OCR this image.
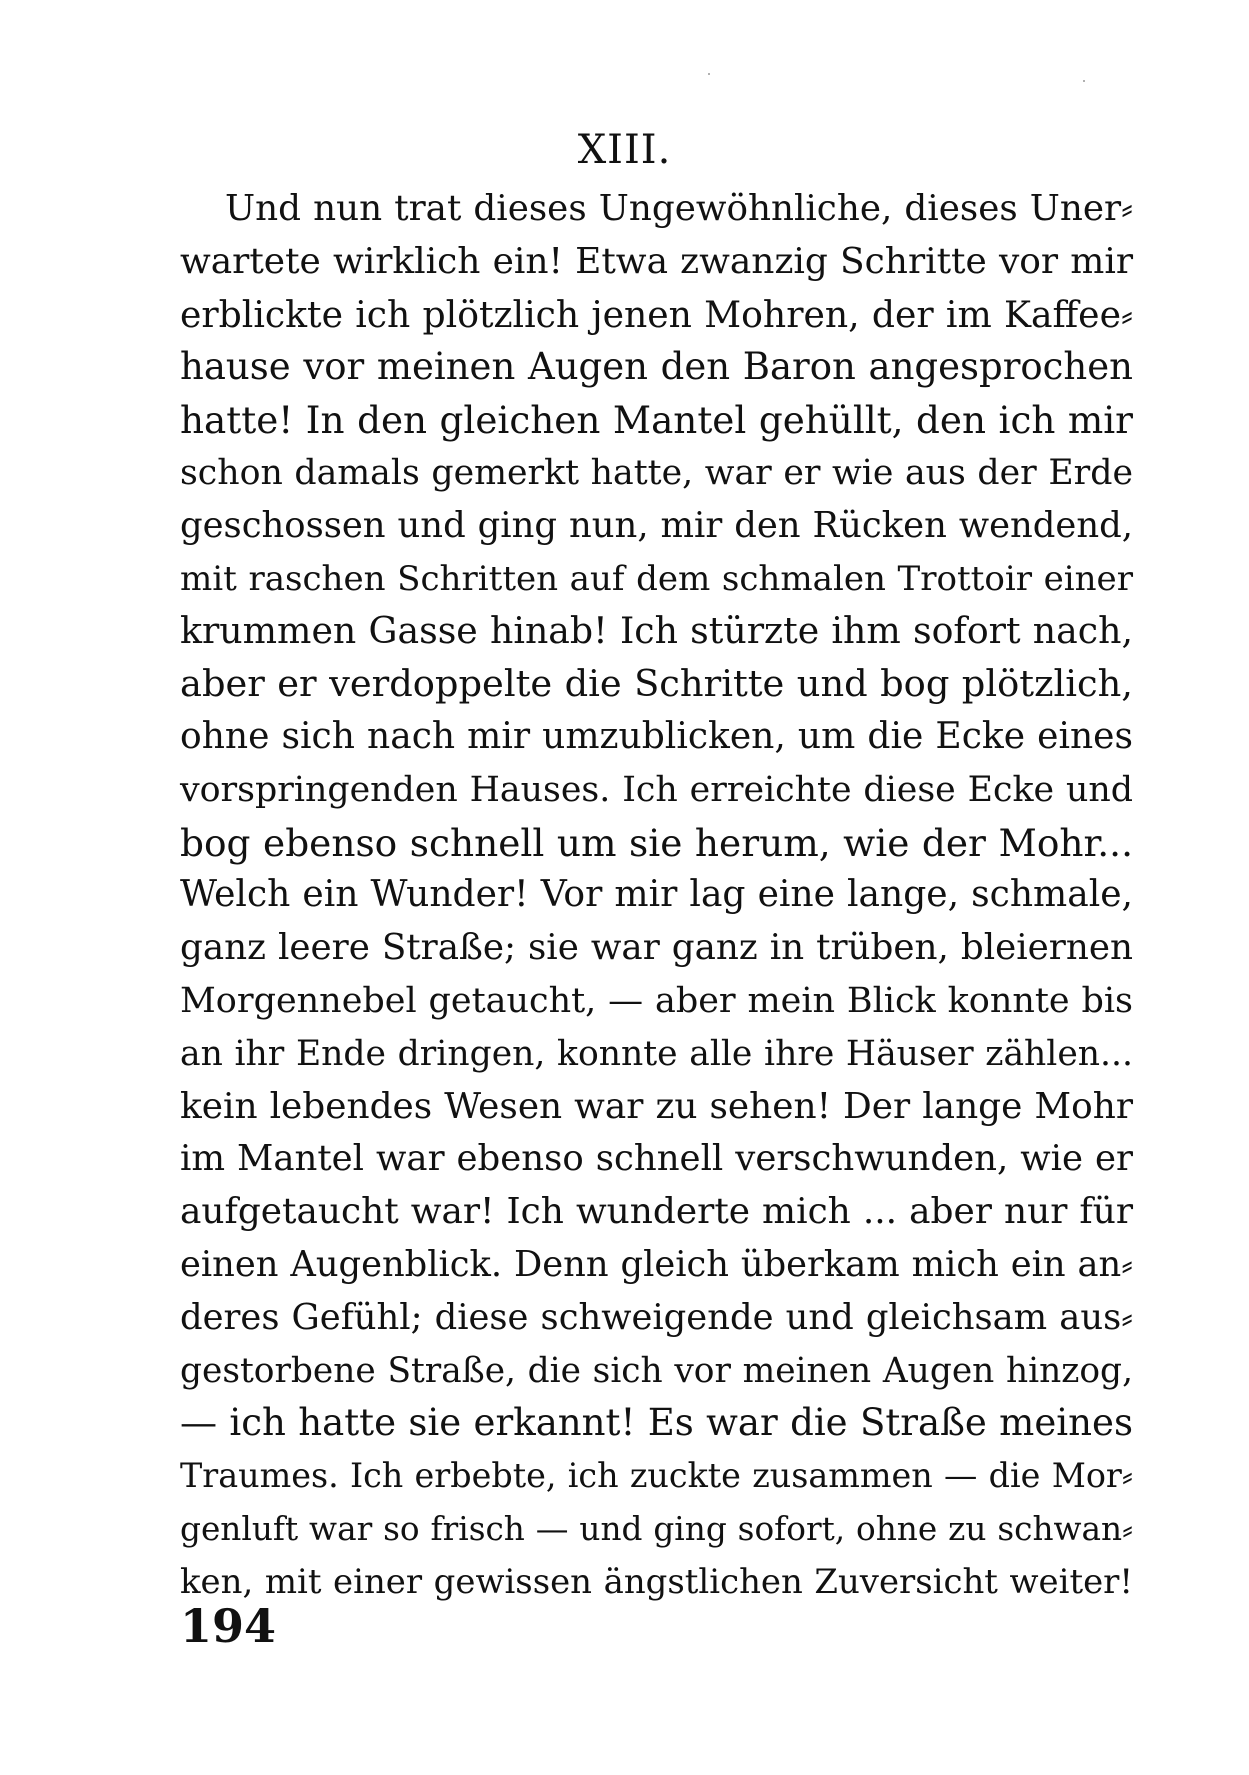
XIII.
Und nun trat dieses Ungewöhnliche, dieses Uner⸗
wartete wirklich ein! Etwa zwanzig Schritte vor mir
erblickte ich plötzlich jenen Mohren, der im Kaffee⸗
hause vor meinen Augen den Baron angesprochen
hatte! In den gleichen Mantel gehüllt, den ich mir
schon damals gemerkt hatte, war er wie aus der Erde
geschossen und ging nun, mir den Rücken wendend,
mit raschen Schritten auf dem schmalen Trottoir einer
krummen Gasse hinab! Ich stürzte ihm sofort nach,
aber er verdoppelte die Schritte und bog plötzlich,
ohne sich nach mir umzublicken, um die Ecke eines
vorspringenden Hauses. Ich erreichte diese Ecke und
bog ebenso schnell um sie herum, wie der Mohr...
Welch ein Wunder! Vor mir lag eine lange, schmale,
ganz leere Straße; sie war ganz in trüben, bleiernen
Morgennebel getaucht, — aber mein Blick konnte bis
an ihr Ende dringen, konnte alle ihre Häuser zählen...
kein lebendes Wesen war zu sehen! Der lange Mohr
im Mantel war ebenso schnell verschwunden, wie er
aufgetaucht war! Ich wunderte mich ... aber nur für
einen Augenblick. Denn gleich überkam mich ein an⸗
deres Gefühl; diese schweigende und gleichsam aus⸗
gestorbene Straße, die sich vor meinen Augen hinzog,
— ich hatte sie erkannt! Es war die Straße meines
Traumes. Ich erbebte, ich zuckte zusammen — die Mor⸗
genluft war so frisch — und ging sofort, ohne zu schwan⸗
ken, mit einer gewissen ängstlichen Zuversicht weiter!
194
